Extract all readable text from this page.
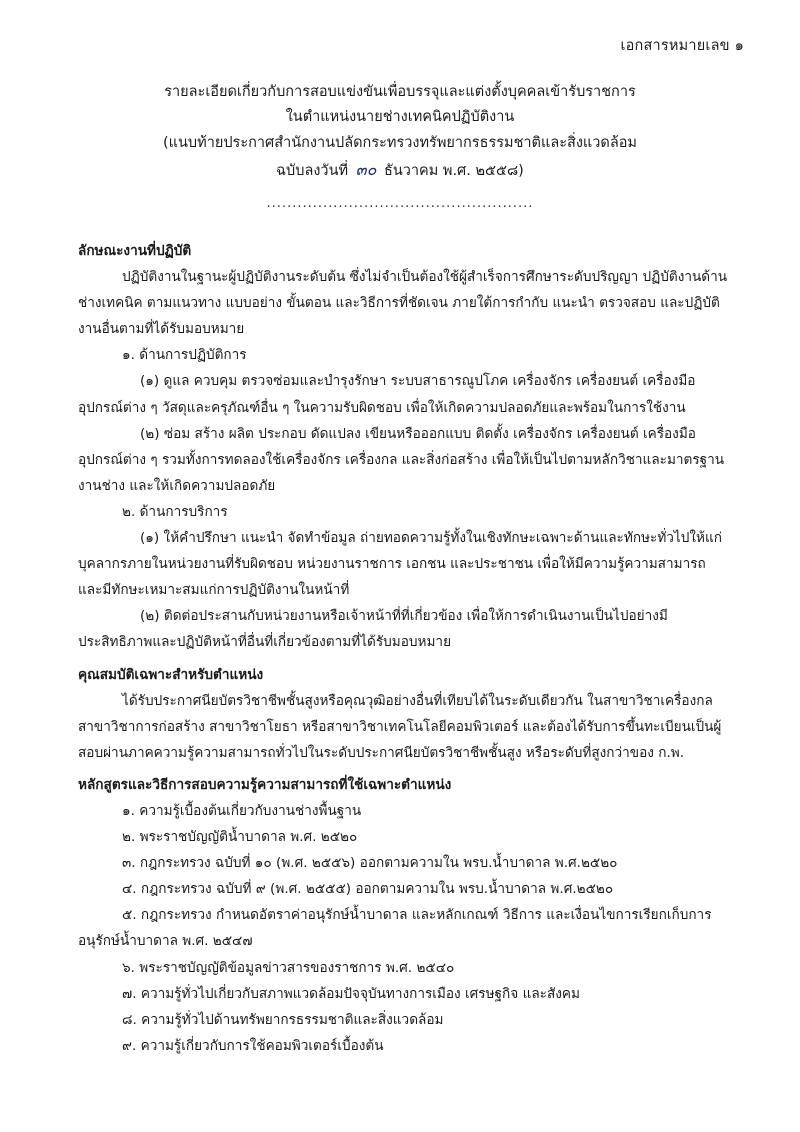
เอกสารหมายเลข ๑
รายละเอียดเกี่ยวกับการสอบแข่งขันเพื่อบรรจุและแต่งตั้งบุคคลเข้ารับราชการ
ในตำแหน่งนายช่างเทคนิคปฏิบัติงาน
(แนบท้ายประกาศสำนักงานปลัดกระทรวงทรัพยากรธรรมชาติและสิ่งแวดล้อม
ฉบับลงวันที่ ๓๐ ธันวาคม พ.ศ. ๒๕๕๘)
....................................................

ลักษณะงานที่ปฏิบัติ

ปฏิบัติงานในฐานะผู้ปฏิบัติงานระดับต้น ซึ่งไม่จำเป็นต้องใช้ผู้สำเร็จการศึกษาระดับปริญญา ปฏิบัติงานด้านช่างเทคนิค ตามแนวทาง แบบอย่าง ขั้นตอน และวิธีการที่ชัดเจน ภายใต้การกำกับ แนะนำ ตรวจสอบ และปฏิบัติงานอื่นตามที่ได้รับมอบหมาย

๑. ด้านการปฏิบัติการ

(๑) ดูแล ควบคุม ตรวจซ่อมและบำรุงรักษา ระบบสาธารณูปโภค เครื่องจักร เครื่องยนต์ เครื่องมือ อุปกรณ์ต่าง ๆ วัสดุและครุภัณฑ์อื่น ๆ ในความรับผิดชอบ เพื่อให้เกิดความปลอดภัยและพร้อมในการใช้งาน

(๒) ซ่อม สร้าง ผลิต ประกอบ ดัดแปลง เขียนหรือออกแบบ ติดตั้ง เครื่องจักร เครื่องยนต์ เครื่องมือ อุปกรณ์ต่าง ๆ รวมทั้งการทดลองใช้เครื่องจักร เครื่องกล และสิ่งก่อสร้าง เพื่อให้เป็นไปตามหลักวิชาและมาตรฐานงานช่าง และให้เกิดความปลอดภัย

๒. ด้านการบริการ

(๑) ให้คำปรึกษา แนะนำ จัดทำข้อมูล ถ่ายทอดความรู้ทั้งในเชิงทักษะเฉพาะด้านและทักษะทั่วไปให้แก่บุคลากรภายในหน่วยงานที่รับผิดชอบ หน่วยงานราชการ เอกชน และประชาชน เพื่อให้มีความรู้ความสามารถและมีทักษะเหมาะสมแก่การปฏิบัติงานในหน้าที่

(๒) ติดต่อประสานกับหน่วยงานหรือเจ้าหน้าที่ที่เกี่ยวข้อง เพื่อให้การดำเนินงานเป็นไปอย่างมีประสิทธิภาพและปฏิบัติหน้าที่อื่นที่เกี่ยวข้องตามที่ได้รับมอบหมาย

คุณสมบัติเฉพาะสำหรับตำแหน่ง

ได้รับประกาศนียบัตรวิชาชีพชั้นสูงหรือคุณวุฒิอย่างอื่นที่เทียบได้ในระดับเดียวกัน ในสาขาวิชาเครื่องกล สาขาวิชาการก่อสร้าง สาขาวิชาโยธา หรือสาขาวิชาเทคโนโลยีคอมพิวเตอร์ และต้องได้รับการขึ้นทะเบียนเป็นผู้สอบผ่านภาคความรู้ความสามารถทั่วไปในระดับประกาศนียบัตรวิชาชีพชั้นสูง หรือระดับที่สูงกว่าของ ก.พ.

หลักสูตรและวิธีการสอบความรู้ความสามารถที่ใช้เฉพาะตำแหน่ง

๑. ความรู้เบื้องต้นเกี่ยวกับงานช่างพื้นฐาน

๒. พระราชบัญญัติน้ำบาดาล พ.ศ. ๒๕๒๐

๓. กฎกระทรวง ฉบับที่ ๑๐ (พ.ศ. ๒๕๕๖) ออกตามความใน พรบ.น้ำบาดาล พ.ศ.๒๕๒๐

๔. กฎกระทรวง ฉบับที่ ๙ (พ.ศ. ๒๕๕๕) ออกตามความใน พรบ.น้ำบาดาล พ.ศ.๒๕๒๐

๕. กฎกระทรวง กำหนดอัตราค่าอนุรักษ์น้ำบาดาล และหลักเกณฑ์ วิธีการ และเงื่อนไขการเรียกเก็บการอนุรักษ์น้ำบาดาล พ.ศ. ๒๕๔๗

๖. พระราชบัญญัติข้อมูลข่าวสารของราชการ พ.ศ. ๒๕๔๐

๗. ความรู้ทั่วไปเกี่ยวกับสภาพแวดล้อมปัจจุบันทางการเมือง เศรษฐกิจ และสังคม

๘. ความรู้ทั่วไปด้านทรัพยากรธรรมชาติและสิ่งแวดล้อม

๙. ความรู้เกี่ยวกับการใช้คอมพิวเตอร์เบื้องต้น
